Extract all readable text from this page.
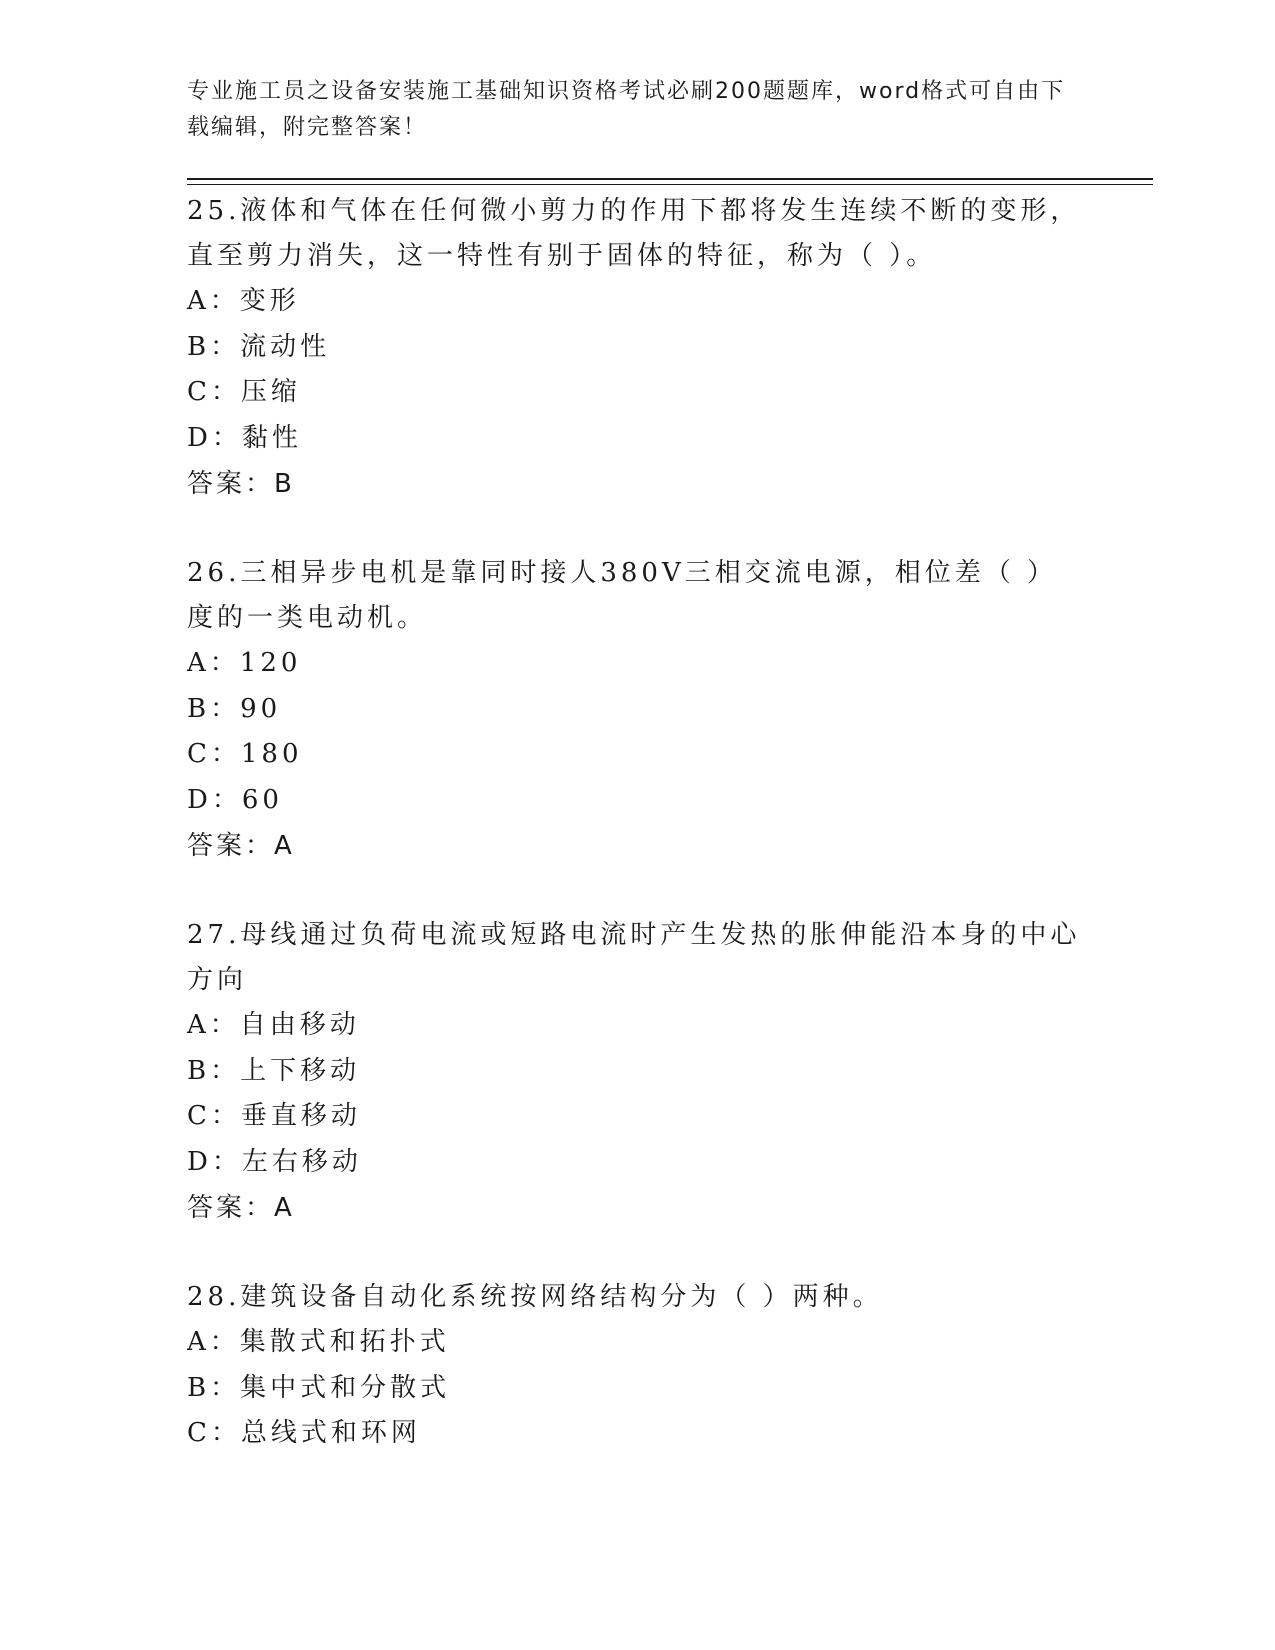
专业施工员之设备安装施工基础知识资格考试必刷200题题库，word格式可自由下载编辑，附完整答案！
25.液体和气体在任何微小剪力的作用下都将发生连续不断的变形，直至剪力消失，这一特性有别于固体的特征，称为（ ）。
A：变形
B：流动性
C：压缩
D：黏性
答案：B
26.三相异步电机是靠同时接人380V三相交流电源，相位差（ ）度的一类电动机。
A：120
B：90
C：180
D：60
答案：A
27.母线通过负荷电流或短路电流时产生发热的胀伸能沿本身的中心方向
A：自由移动
B：上下移动
C：垂直移动
D：左右移动
答案：A
28.建筑设备自动化系统按网络结构分为（ ）两种。
A：集散式和拓扑式
B：集中式和分散式
C：总线式和环网
